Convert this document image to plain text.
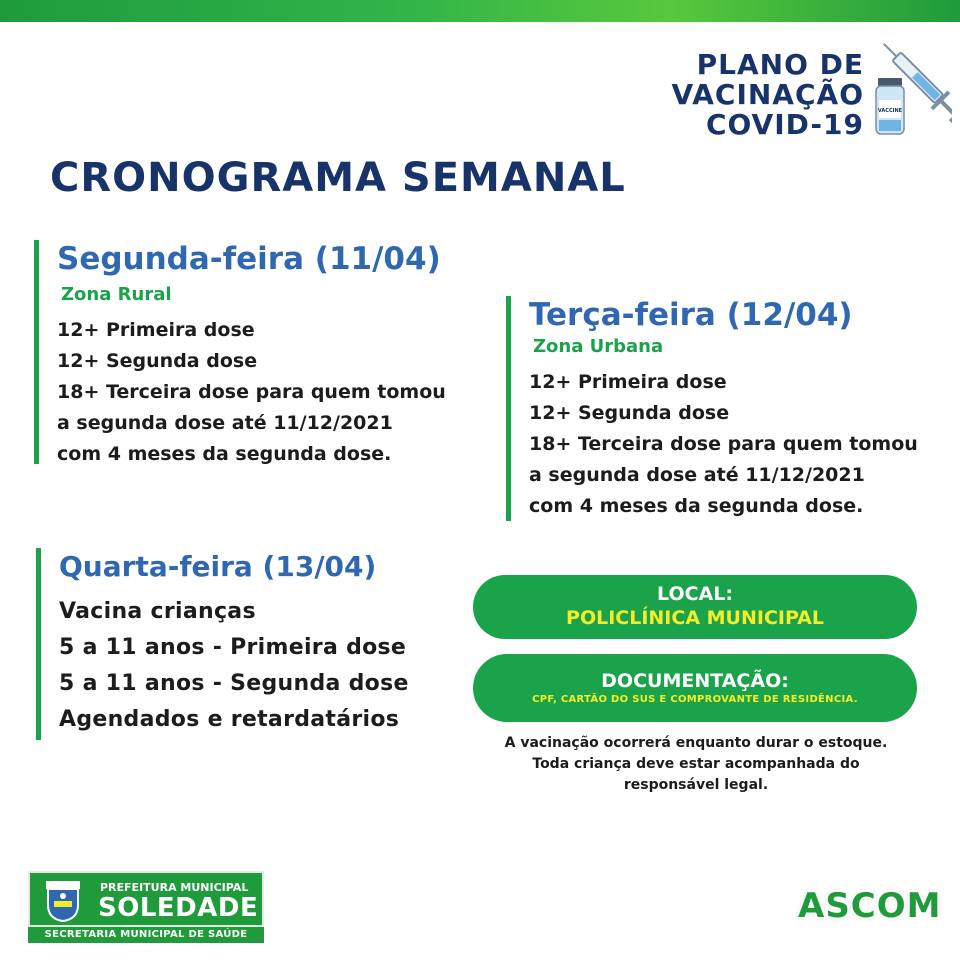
PLANO DE
VACINAÇÃO
COVID-19	VACCINE
CRONOGRAMA SEMANAL
Segunda-feira (11/04)
Zona Rural
12+ Primeira dose
12+ Segunda dose
18+ Terceira dose para quem tomou
a segunda dose até 11/12/2021
com 4 meses da segunda dose.
Terça-feira (12/04)
Zona Urbana
12+ Primeira dose
12+ Segunda dose
18+ Terceira dose para quem tomou
a segunda dose até 11/12/2021
com 4 meses da segunda dose.
Quarta-feira (13/04)
Vacina crianças
5 a 11 anos - Primeira dose
5 a 11 anos - Segunda dose
Agendados e retardatários
LOCAL:
POLICLÍNICA MUNICIPAL
DOCUMENTAÇÃO:
CPF, CARTÃO DO SUS E COMPROVANTE DE RESIDÊNCIA.
A vacinação ocorrerá enquanto durar o estoque.
Toda criança deve estar acompanhada do
responsável legal.
PREFEITURA MUNICIPAL
SOLEDADE
SECRETARIA MUNICIPAL DE SAÚDE
ASCOM
